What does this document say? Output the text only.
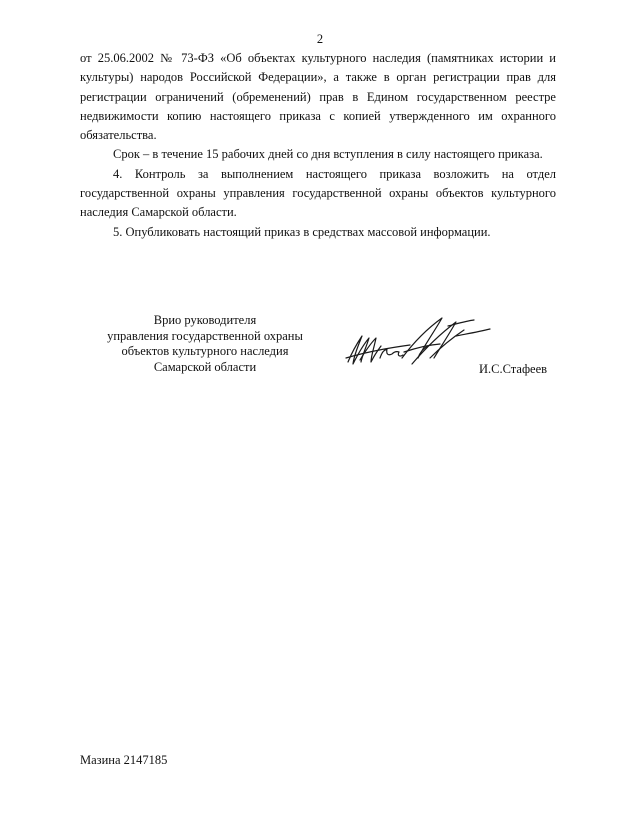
2

от 25.06.2002 № 73-ФЗ «Об объектах культурного наследия (памятниках истории и культуры) народов Российской Федерации», а также в орган регистрации прав для регистрации ограничений (обременений) прав в Едином государственном реестре недвижимости копию настоящего приказа с копией утвержденного им охранного обязательства.

Срок – в течение 15 рабочих дней со дня вступления в силу настоящего приказа.

4. Контроль за выполнением настоящего приказа возложить на отдел государственной охраны управления государственной охраны объектов культурного наследия Самарской области.

5. Опубликовать настоящий приказ в средствах массовой информации.

Врио руководителя
управления государственной охраны
объектов культурного наследия
Самарской области	И.С.Стафеев
Мазина 2147185
